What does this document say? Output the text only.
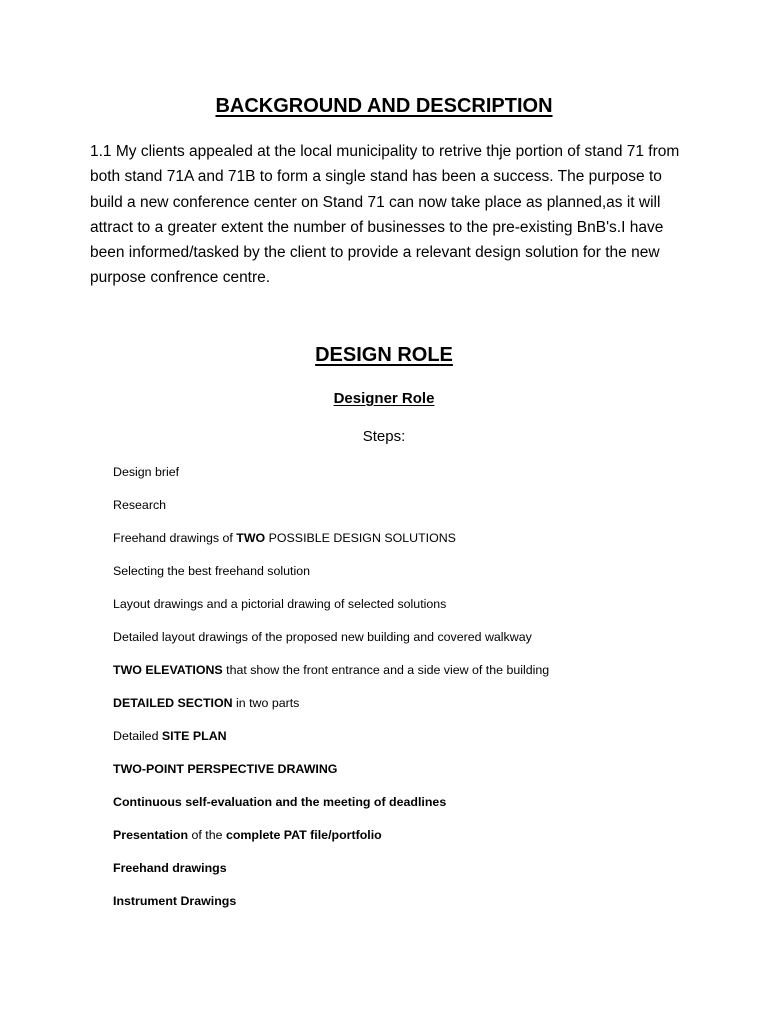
BACKGROUND AND DESCRIPTION

1.1 My clients appealed at the local municipality to retrive thje portion of stand 71 from both stand 71A and 71B to form a single stand has been a success. The purpose to build a new conference center on Stand 71 can now take place as planned,as it will attract to a greater extent the number of businesses to the pre-existing BnB's.I have been informed/tasked by the client to provide a relevant design solution for the new purpose confrence centre.

DESIGN ROLE
Designer Role

Steps:

Design brief
Research
Freehand drawings of TWO POSSIBLE DESIGN SOLUTIONS
Selecting the best freehand solution
Layout drawings and a pictorial drawing of selected solutions
Detailed layout drawings of the proposed new building and covered walkway
TWO ELEVATIONS that show the front entrance and a side view of the building
DETAILED SECTION in two parts
Detailed SITE PLAN
TWO-POINT PERSPECTIVE DRAWING
Continuous self-evaluation and the meeting of deadlines
Presentation of the complete PAT file/portfolio
Freehand drawings
Instrument Drawings
